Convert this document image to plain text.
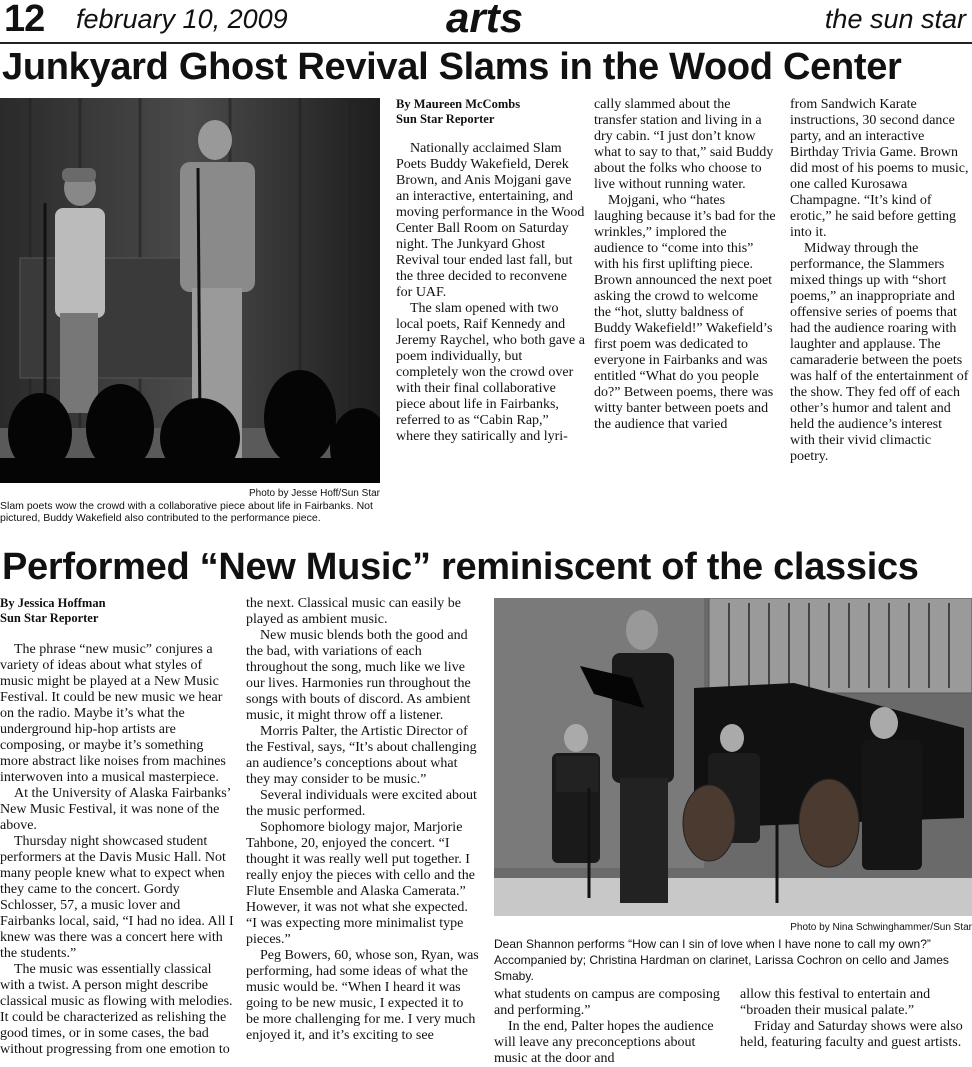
12 february 10, 2009	arts	the sun star
Junkyard Ghost Revival Slams in the Wood Center
Photo by Jesse Hoff/Sun Star
Slam poets wow the crowd with a collaborative piece about life in Fairbanks. Not pictured, Buddy Wakefield also contributed to the performance piece.
By Maureen McCombs
Sun Star Reporter

Nationally acclaimed Slam Poets Buddy Wakefield, Derek Brown, and Anis Mojgani gave an interactive, entertaining, and moving performance in the Wood Center Ball Room on Saturday night. The Junkyard Ghost Revival tour ended last fall, but the three decided to reconvene for UAF.

The slam opened with two local poets, Raif Kennedy and Jeremy Raychel, who both gave a poem individually, but completely won the crowd over with their final collaborative piece about life in Fairbanks, referred to as “Cabin Rap,” where they satirically and lyri-

cally slammed about the transfer station and living in a dry cabin. “I just don’t know what to say to that,” said Buddy about the folks who choose to live without running water.

Mojgani, who “hates laughing because it’s bad for the wrinkles,” implored the audience to “come into this” with his first uplifting piece. Brown announced the next poet asking the crowd to welcome the “hot, slutty baldness of Buddy Wakefield!” Wakefield’s first poem was dedicated to everyone in Fairbanks and was entitled “What do you people do?” Between poems, there was witty banter between poets and the audience that varied

from Sandwich Karate instructions, 30 second dance party, and an interactive Birthday Trivia Game. Brown did most of his poems to music, one called Kurosawa Champagne. “It’s kind of erotic,” he said before getting into it.

Midway through the performance, the Slammers mixed things up with “short poems,” an inappropriate and offensive series of poems that had the audience roaring with laughter and applause. The camaraderie between the poets was half of the entertainment of the show. They fed off of each other’s humor and talent and held the audience’s interest with their vivid climactic poetry.

Performed “New Music” reminiscent of the classics
By Jessica Hoffman
Sun Star Reporter

The phrase “new music” conjures a variety of ideas about what styles of music might be played at a New Music Festival. It could be new music we hear on the radio. Maybe it’s what the underground hip-hop artists are composing, or maybe it’s something more abstract like noises from machines interwoven into a musical masterpiece.

At the University of Alaska Fairbanks’ New Music Festival, it was none of the above.

Thursday night showcased student performers at the Davis Music Hall. Not many people knew what to expect when they came to the concert. Gordy Schlosser, 57, a music lover and Fairbanks local, said, “I had no idea. All I knew was there was a concert here with the students.”

The music was essentially classical with a twist. A person might describe classical music as flowing with melodies. It could be characterized as relishing the good times, or in some cases, the bad without progressing from one emotion to

the next. Classical music can easily be played as ambient music.

New music blends both the good and the bad, with variations of each throughout the song, much like we live our lives. Harmonies run throughout the songs with bouts of discord. As ambient music, it might throw off a listener.

Morris Palter, the Artistic Director of the Festival, says, “It’s about challenging an audience’s conceptions about what they may consider to be music.”

Several individuals were excited about the music performed.

Sophomore biology major, Marjorie Tahbone, 20, enjoyed the concert. “I thought it was really well put together. I really enjoy the pieces with cello and the Flute Ensemble and Alaska Camerata.” However, it was not what she expected. “I was expecting more minimalist type pieces.”

Peg Bowers, 60, whose son, Ryan, was performing, had some ideas of what the music would be. “When I heard it was going to be new music, I expected it to be more challenging for me. I very much enjoyed it, and it’s exciting to see

Photo by Nina Schwinghammer/Sun Star
Dean Shannon performs “How can I sin of love when I have none to call my own?” Accompanied by; Christina Hardman on clarinet, Larissa Cochron on cello and James Smaby.

what students on campus are composing and performing.”

In the end, Palter hopes the audience will leave any preconceptions about music at the door and

allow this festival to entertain and “broaden their musical palate.”

Friday and Saturday shows were also held, featuring faculty and guest artists.
